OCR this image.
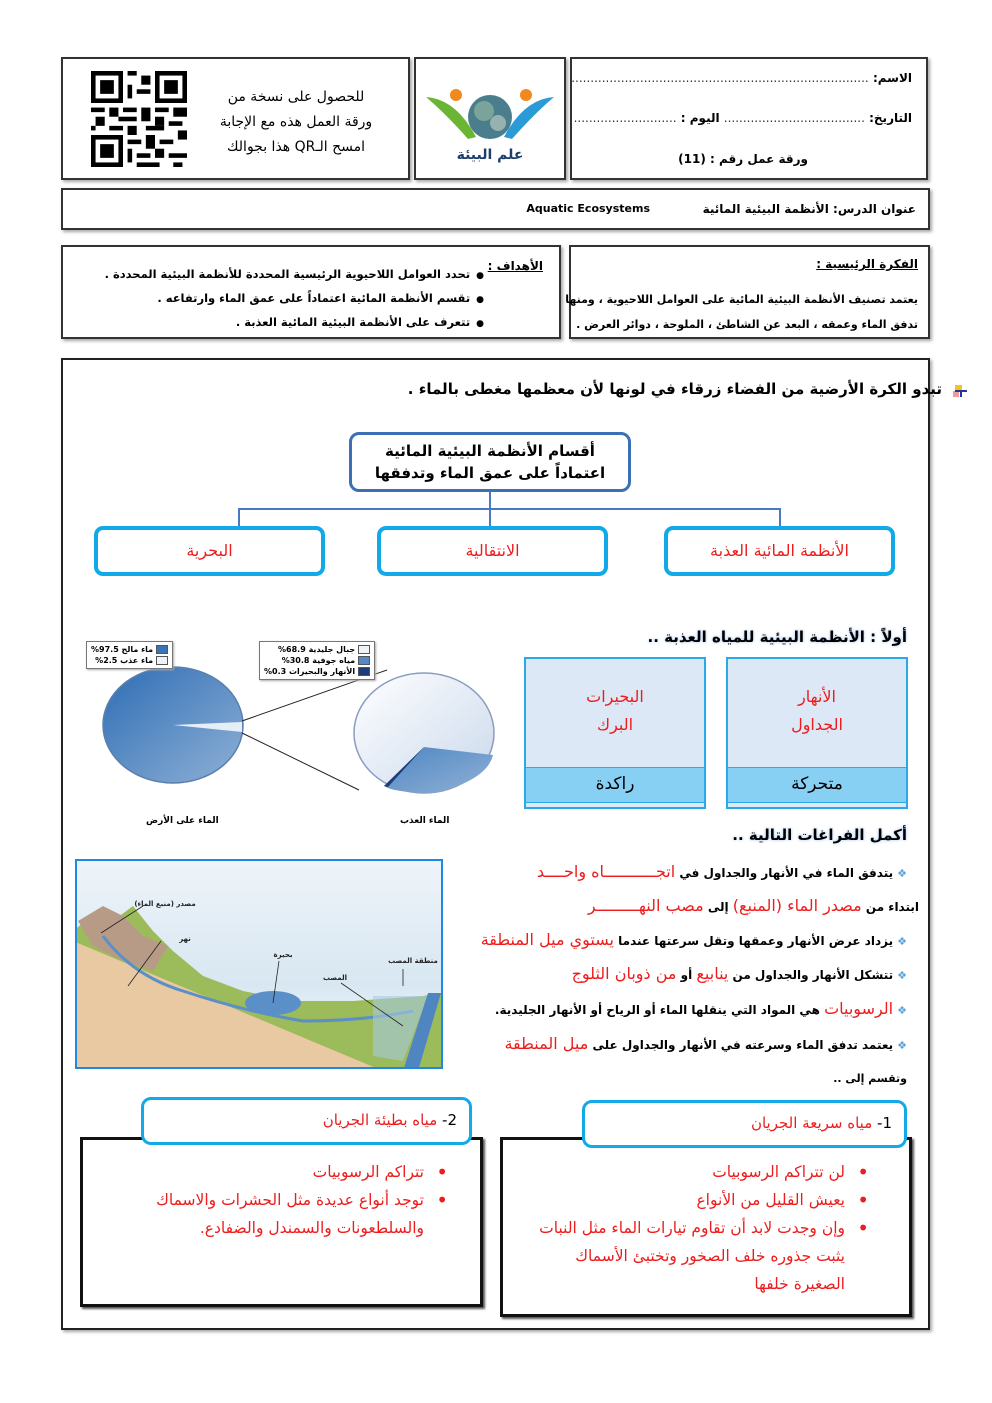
الاسم: ..............................................................................
التاريخ: ..................................... اليوم : ...........................
ورقة عمل رقم : (11)
علم البيئة
للحصول على نسخة من
ورقة العمل هذه مع الإجابة
امسح الـQR هذا بجوالك
عنوان الدرس: الأنظمة البيئية المائية
Aquatic Ecosystems
الأهداف :
● تحدد العوامل اللاحيوية الرئيسية المحددة للأنظمة البيئية المحددة .
● تقسم الأنظمة المائية اعتماداً على عمق الماء وارتفاعه .
● تتعرف على الأنظمة البيئية المائية العذبة .
الفكرة الرئيسية :
يعتمد تصنيف الأنظمة البيئية المائية على العوامل اللاحيوية ، ومنها
تدفق الماء وعمقه ، البعد عن الشاطئ ، الملوحة ، دوائر العرض .
تبدو الكرة الأرضية من الفضاء زرقاء في لونها لأن معظمها مغطى بالماء .
أقسام الأنظمة البيئية المائية
اعتماداً على عمق الماء وتدفقها
الأنظمة المائية العذبة
الانتقالية
البحرية
ماء مالح 97.5%
ماء عذب 2.5%
جبال جليدية 68.9%
مياه جوفية 30.8%
الأنهار والبحيرات 0.3%
الماء على الأرض	الماء العذب
أولاً : الأنظمة البيئية للمياه العذبة ..
الأنهار
الجداول
متحركة
البحيرات
البرك
راكدة
مصدر (منبع الماء)
نهر
بحيرة
المصب
منطقة المصب
أكمل الفراغات التالية ..
❖يتدفق الماء في الأنهار والجداول في اتجـــــــــــاه واحــــد
ابتداء من مصدر الماء (المنبع) إلى مصب النهـــــــــر
❖يزداد عرض الأنهار وعمقها وتقل سرعتها عندما يستوي ميل المنطقة
❖تتشكل الأنهار والجداول من ينابيع أو من ذوبان الثلوج
❖الرسوبيات هي المواد التي ينقلها الماء أو الرياح أو الأنهار الجليدية.
❖يعتمد تدفق الماء وسرعته في الأنهار والجداول على ميل المنطقة
وتقسم إلى ..
• لن تتراكم الرسوبيات
• يعيش القليل من الأنواع
• وإن وجدت لابد أن تقاوم تيارات الماء مثل النبات يثبت جذوره خلف الصخور وتختبئ الأسماك الصغيرة خلفها
1- مياه سريعة الجريان
• تتراكم الرسوبيات
• توجد أنواع عديدة مثل الحشرات والاسماك والسلطعونات والسمندل والضفادع.
2- مياه بطيئة الجريان
